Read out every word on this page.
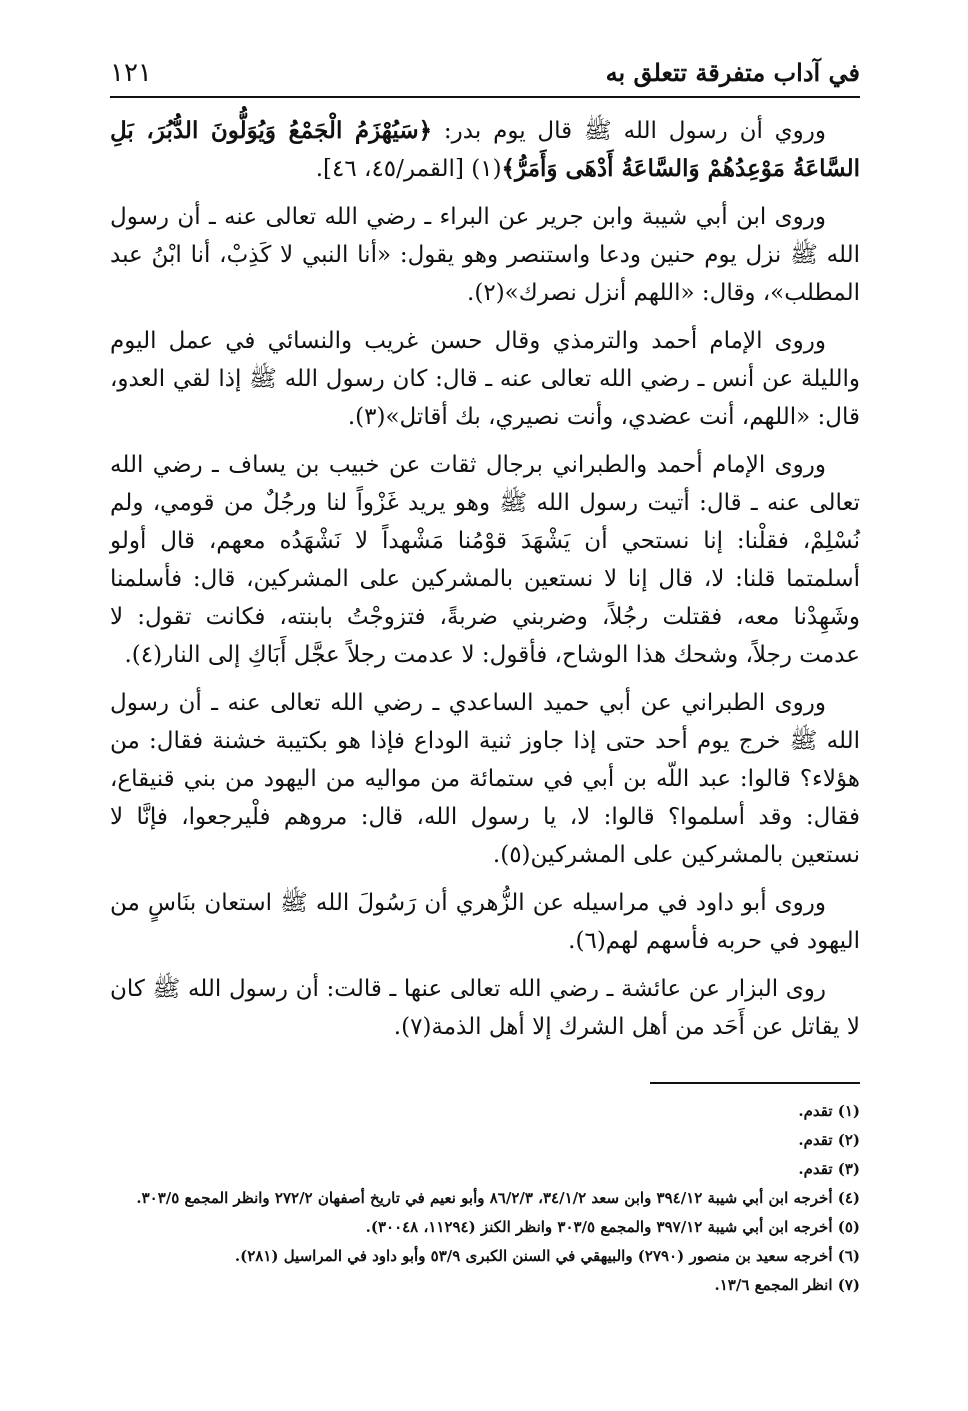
في آداب متفرقة تتعلق به
١٢١

وروي أن رسول الله ﷺ قال يوم بدر: ﴿سَيُهْزَمُ الْجَمْعُ وَيُوَلُّونَ الدُّبُرَ، بَلِ السَّاعَةُ مَوْعِدُهُمْ وَالسَّاعَةُ أَدْهَى وَأَمَرُّ﴾(١) [القمر/٤٥، ٤٦].

وروى ابن أبي شيبة وابن جرير عن البراء ـ رضي الله تعالى عنه ـ أن رسول الله ﷺ نزل يوم حنين ودعا واستنصر وهو يقول: «أنا النبي لا كَذِبْ، أنا ابْنُ عبد المطلب»، وقال: «اللهم أنزل نصرك»(٢).

وروى الإمام أحمد والترمذي وقال حسن غريب والنسائي في عمل اليوم والليلة عن أنس ـ رضي الله تعالى عنه ـ قال: كان رسول الله ﷺ إذا لقي العدو، قال: «اللهم، أنت عضدي، وأنت نصيري، بك أقاتل»(٣).

وروى الإمام أحمد والطبراني برجال ثقات عن خبيب بن يساف ـ رضي الله تعالى عنه ـ قال: أتيت رسول الله ﷺ وهو يريد غَزْواً لنا ورجُلٌ من قومي، ولم نُسْلِمْ، فقلْنا: إنا نستحي أن يَشْهَدَ قوْمُنا مَشْهداً لا نَشْهَدُه معهم، قال أولو أسلمتما قلنا: لا، قال إنا لا نستعين بالمشركين على المشركين، قال: فأسلمنا وشَهِدْنا معه، فقتلت رجُلاً، وضربني ضربةً، فتزوجْتُ بابنته، فكانت تقول: لا عدمت رجلاً، وشحك هذا الوشاح، فأقول: لا عدمت رجلاً عجَّل أَبَاكِ إلى النار(٤).

وروى الطبراني عن أبي حميد الساعدي ـ رضي الله تعالى عنه ـ أن رسول الله ﷺ خرج يوم أحد حتى إذا جاوز ثنية الوداع فإذا هو بكتيبة خشنة فقال: من هؤلاء؟ قالوا: عبد اللّه بن أبي في ستمائة من مواليه من اليهود من بني قنيقاع، فقال: وقد أسلموا؟ قالوا: لا، يا رسول الله، قال: مروهم فلْيرجعوا، فإنَّا لا نستعين بالمشركين على المشركين(٥).

وروى أبو داود في مراسيله عن الزُّهري أن رَسُولَ الله ﷺ استعان بنَاسٍ من اليهود في حربه فأسهم لهم(٦).

روى البزار عن عائشة ـ رضي الله تعالى عنها ـ قالت: أن رسول الله ﷺ كان لا يقاتل عن أَحَد من أهل الشرك إلا أهل الذمة(٧).

(١) تقدم.

(٢) تقدم.

(٣) تقدم.

(٤) أخرجه ابن أبي شيبة ٣٩٤/١٢ وابن سعد ٣٤/١/٢، ٨٦/٢/٣ وأبو نعيم في تاريخ أصفهان ٢٧٢/٢ وانظر المجمع ٣٠٣/٥.

(٥) أخرجه ابن أبي شيبة ٣٩٧/١٢ والمجمع ٣٠٣/٥ وانظر الكنز (١١٢٩٤، ٣٠٠٤٨).

(٦) أخرجه سعيد بن منصور (٢٧٩٠) والبيهقي في السنن الكبرى ٥٣/٩ وأبو داود في المراسيل (٢٨١).

(٧) انظر المجمع ١٣/٦.
